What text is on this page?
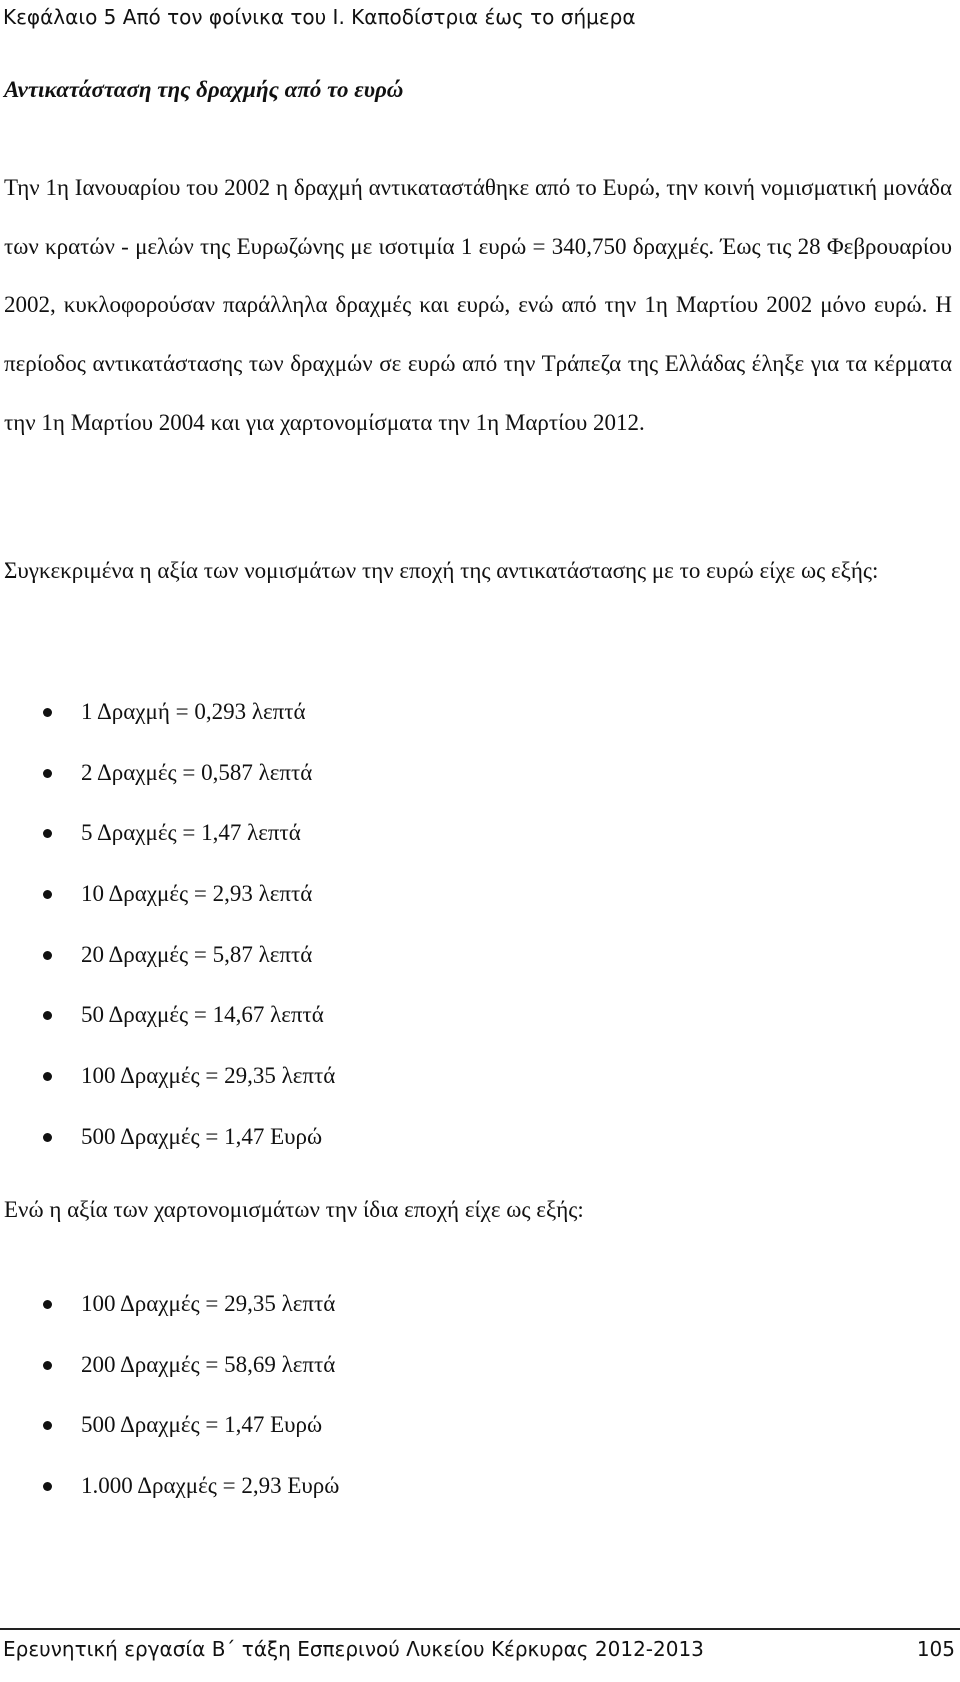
Κεφάλαιο 5 Από τον φοίνικα του Ι. Καποδίστρια έως το σήμερα
Αντικατάσταση της δραχμής από το ευρώ

Την 1η Ιανουαρίου του 2002 η δραχμή αντικαταστάθηκε από το Ευρώ, την κοινή νομισματική μονάδα των κρατών - μελών της Ευρωζώνης με ισοτιμία 1 ευρώ = 340,750 δραχμές. Έως τις 28 Φεβρουαρίου 2002, κυκλοφορούσαν παράλληλα δραχμές και ευρώ, ενώ από την 1η Μαρτίου 2002 μόνο ευρώ. Η περίοδος αντικατάστασης των δραχμών σε ευρώ από την Τράπεζα της Ελλάδας έληξε για τα κέρματα την 1η Μαρτίου 2004 και για χαρτονομίσματα την 1η Μαρτίου 2012.

Συγκεκριμένα η αξία των νομισμάτων την εποχή της αντικατάστασης με το ευρώ είχε ως εξής:

1 Δραχμή = 0,293 λεπτά
2 Δραχμές = 0,587 λεπτά
5 Δραχμές = 1,47 λεπτά
10 Δραχμές = 2,93 λεπτά
20 Δραχμές = 5,87 λεπτά
50 Δραχμές = 14,67 λεπτά
100 Δραχμές = 29,35 λεπτά
500 Δραχμές = 1,47 Ευρώ

Ενώ η αξία των χαρτονομισμάτων την ίδια εποχή είχε ως εξής:

100 Δραχμές = 29,35 λεπτά
200 Δραχμές = 58,69 λεπτά
500 Δραχμές = 1,47 Ευρώ
1.000 Δραχμές = 2,93 Ευρώ
Ερευνητική εργασία Β΄ τάξη Εσπερινού Λυκείου Κέρκυρας 2012-2013	105
